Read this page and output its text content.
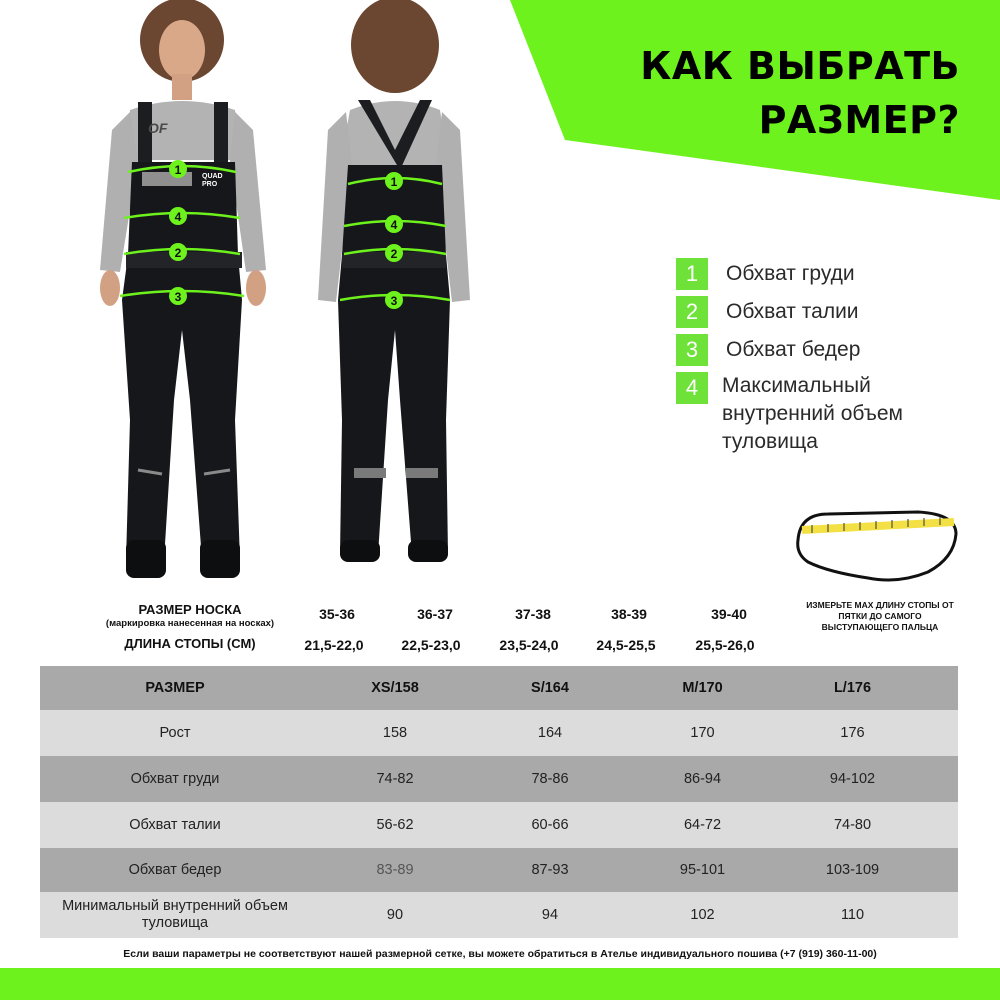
КАК ВЫБРАТЬ
РАЗМЕР?
QUAD
PRO
OF
1
4
2
3
1
4
2
3
1	Обхват груди
2	Обхват талии
3	Обхват бедер
4	Максимальный
внутренний объем
туловища
ИЗМЕРЬТЕ MAX ДЛИНУ СТОПЫ ОТ ПЯТКИ ДО САМОГО ВЫСТУПАЮЩЕГО ПАЛЬЦА
РАЗМЕР НОСКА
(маркировка нанесенная на носках)
ДЛИНА СТОПЫ (СМ)
35-36	36-37	37-38	38-39	39-40
21,5-22,0	22,5-23,0	23,5-24,0	24,5-25,5	25,5-26,0
РАЗМЕР	XS/158	S/164	M/170	L/176
Рост	158	164	170	176
Обхват груди	74-82	78-86	86-94	94-102
Обхват талии	56-62	60-66	64-72	74-80
Обхват бедер	83-89	87-93	95-101	103-109
Минимальный внутренний объем туловища	90	94	102	110
Если ваши параметры не соответствуют нашей размерной сетке, вы можете обратиться в Ателье индивидуального пошива (+7 (919) 360-11-00)
